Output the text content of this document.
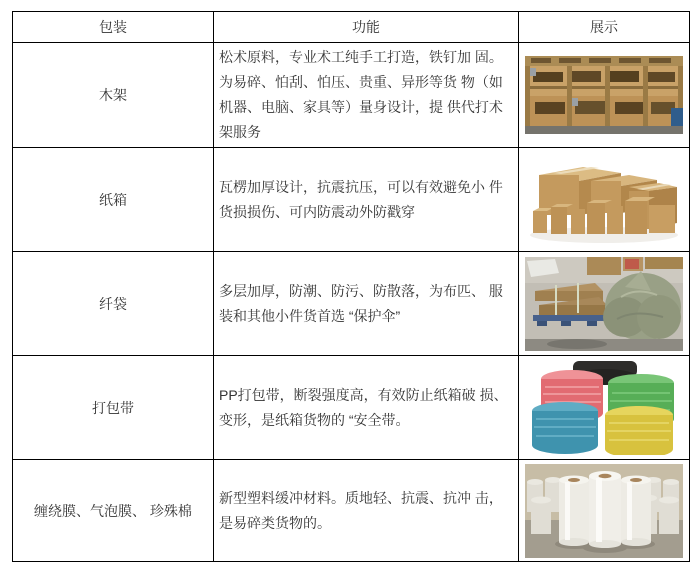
包装	功能	展示
木架	松术原料，专业术工纯手工打造，铁钉加 固。为易碎、怕刮、怕压、贵重、异形等货 物（如机器、电脑、家具等）量身设计，提 供代打术架服务	
纸箱	瓦楞加厚设计，抗震抗压，可以有效避免小 件货损损伤、可内防震动外防戳穿	
纤袋	多层加厚，防潮、防污、防散落，为布匹、 服装和其他小件货首选 “保护伞”	
打包带	PP打包带，断裂强度高，有效防止纸箱破 损、变形，是纸箱货物的 “安全带。	
缠绕膜、气泡膜、 珍殊棉	新型塑料缓冲材料。质地轻、抗震、抗冲 击，是易碎类货物的。	
